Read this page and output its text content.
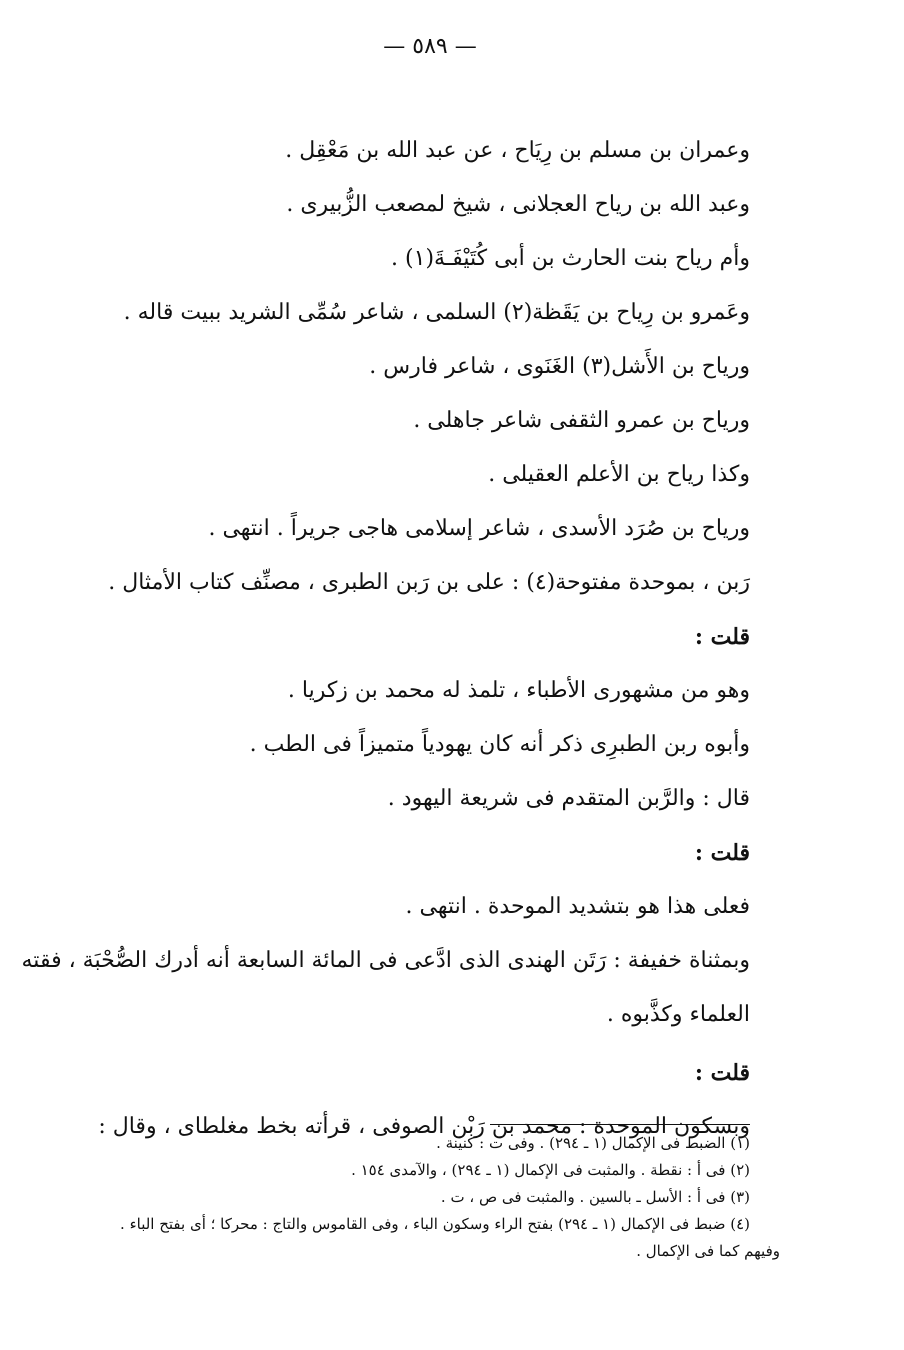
— ٥٨٩ —
وعمران بن مسلم بن رِيَاح ، عن عبد الله بن مَعْقِل .
وعبد الله بن رياح العجلانى ، شيخ لمصعب الزُّبيرى .
وأم رياح بنت الحارث بن أبى كُتَيْفَـةَ(١) .
وعَمرو بن رِياح بن يَقَظة(٢) السلمى ، شاعر سُمِّى الشريد ببيت قاله .
ورياح بن الأَشل(٣) الغَنَوى ، شاعر فارس .
ورياح بن عمرو الثقفى شاعر جاهلى .
وكذا رياح بن الأعلم العقيلى .
ورياح بن صُرَد الأسدى ، شاعر إسلامى هاجى جريراً . انتهى .
رَبن ، بموحدة مفتوحة(٤) : على بن رَبن الطبرى ، مصنِّف كتاب الأمثال .
قلت :
وهو من مشهورى الأطباء ، تلمذ له محمد بن زكريا .
وأبوه ربن الطبرِى ذكر أنه كان يهودياً متميزاً فى الطب .
قال : والرَّبن المتقدم فى شريعة اليهود .
قلت :
فعلى هذا هو بتشديد الموحدة . انتهى .
وبمثناة خفيفة : رَتَن الهندى الذى ادَّعى فى المائة السابعة أنه أدرك الصُّحْبَة ، فقته
العلماء وكذَّبوه .
قلت :
وبسكون الموحدة : محمد بن رَبْن الصوفى ، قرأته بخط مغلطاى ، وقال :
(١) الضبط فى الإكمال (١ ـ ٢٩٤) . وفى ت : كنينة .
(٢) فى أ : نقطة . والمثبت فى الإكمال (١ ـ ٢٩٤) ، والآمدى ١٥٤ .
(٣) فى أ : الأسل ـ بالسين . والمثبت فى ص ، ت .
(٤) ضبط فى الإكمال (١ ـ ٢٩٤) بفتح الراء وسكون الباء ، وفى القاموس والتاج : محركا ؛ أى بفتح الباء .
وفيهم كما فى الإكمال .
